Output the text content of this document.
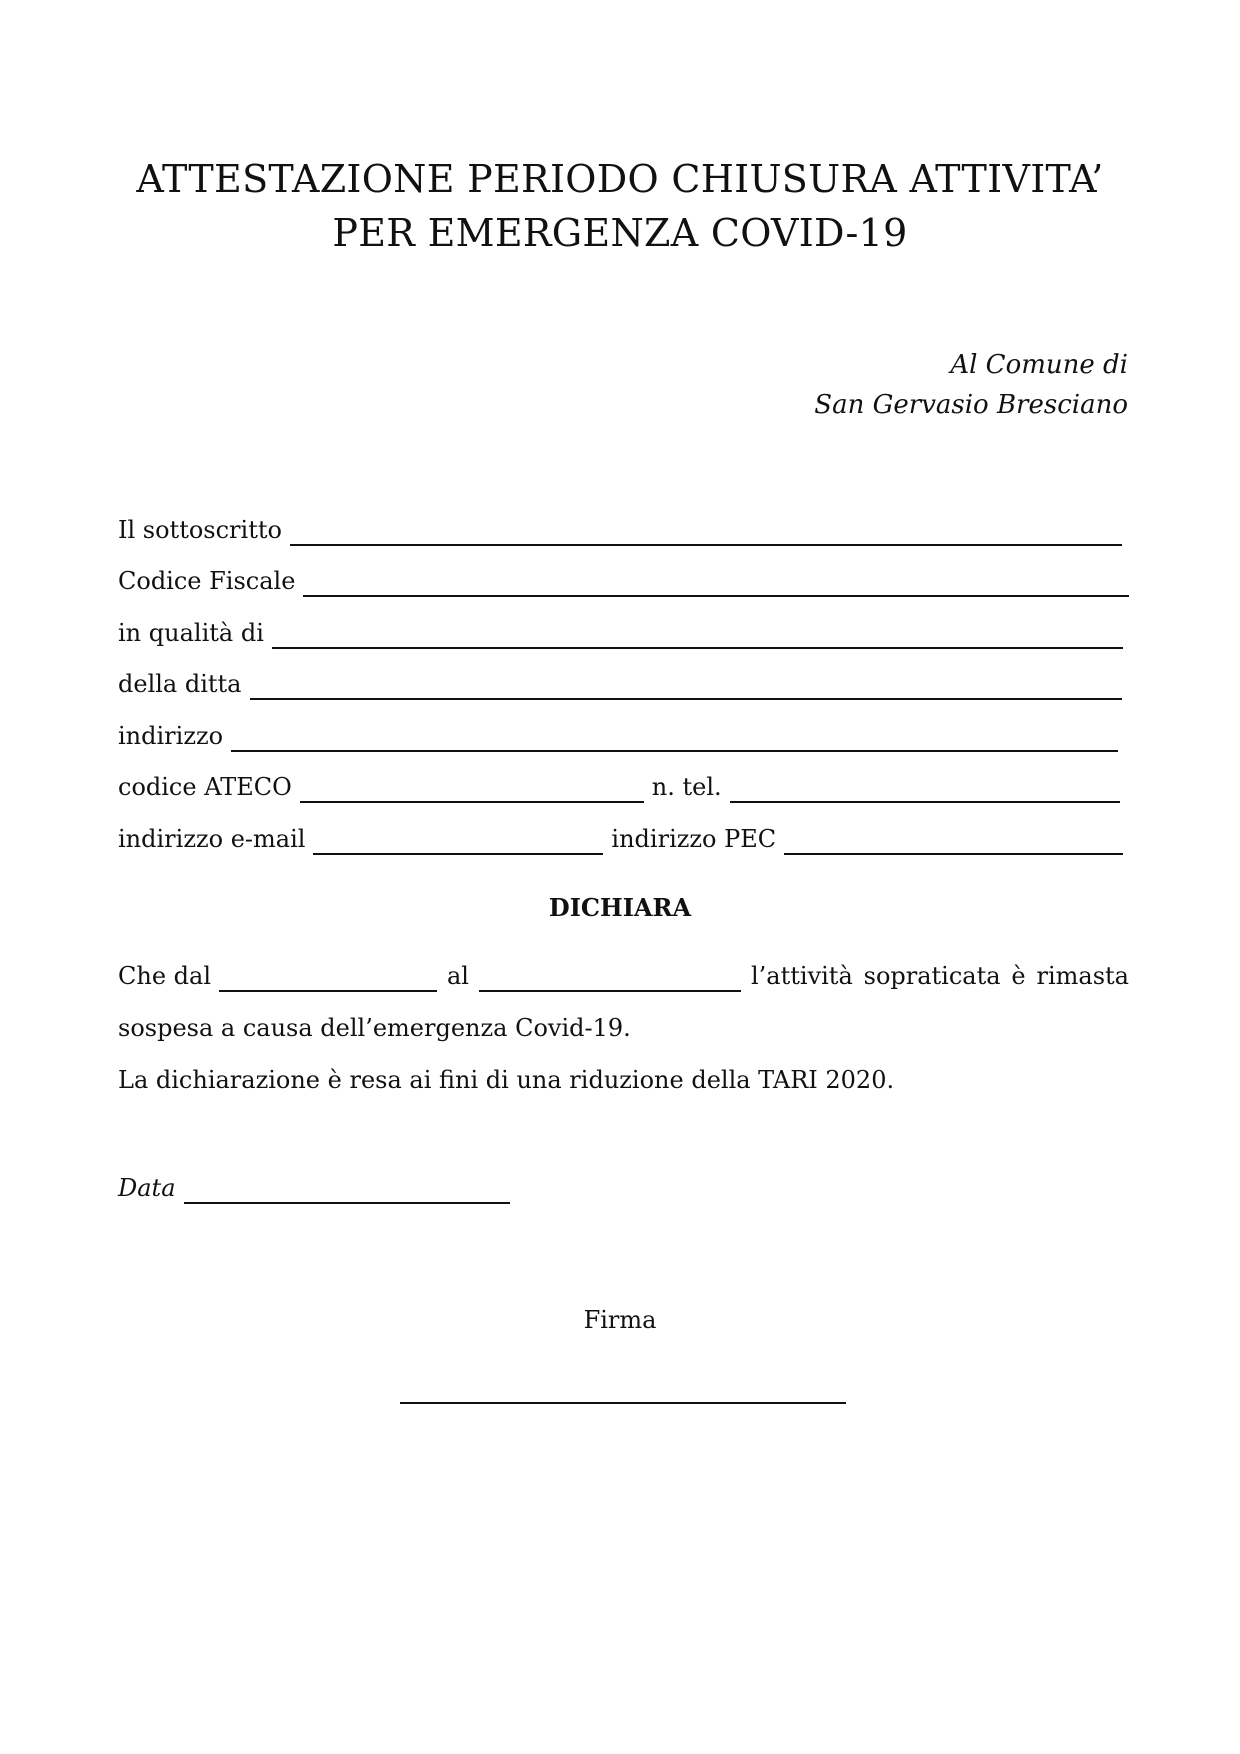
ATTESTAZIONE PERIODO CHIUSURA ATTIVITA’
PER EMERGENZA COVID-19
Al Comune di
San Gervasio Bresciano
Il sottoscritto
Codice Fiscale
in qualità di
della ditta
indirizzo
codice ATECO	n. tel.
indirizzo e-mail	indirizzo PEC
DICHIARA
Che dal	al	l’attività sopraticata è rimasta
sospesa a causa dell’emergenza Covid-19.
La dichiarazione è resa ai fini di una riduzione della TARI 2020.
Data
Firma
